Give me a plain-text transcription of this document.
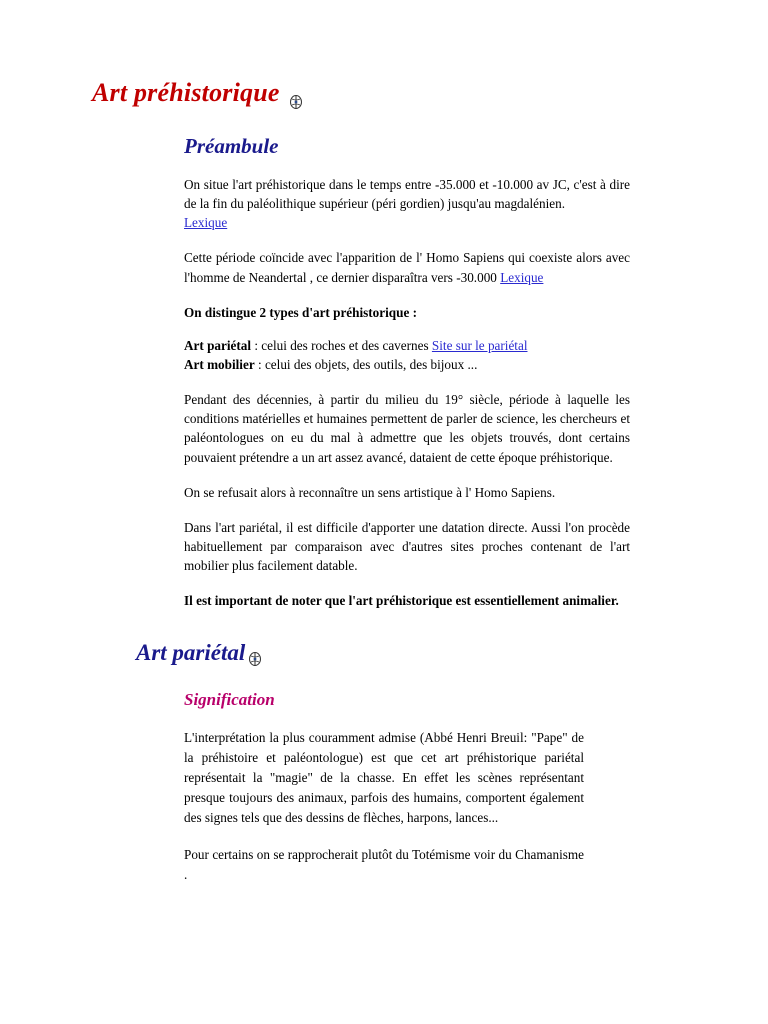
Art préhistorique
Préambule

On situe l'art préhistorique dans le temps entre -35.000 et -10.000 av JC, c'est à dire de la fin du paléolithique supérieur (péri gordien) jusqu'au magdalénien.
Lexique

Cette période coïncide avec l'apparition de l' Homo Sapiens qui coexiste alors avec l'homme de Neandertal , ce dernier disparaîtra vers -30.000 Lexique

On distingue 2 types d'art préhistorique :

Art pariétal : celui des roches et des cavernes Site sur le pariétal
Art mobilier : celui des objets, des outils, des bijoux ...

Pendant des décennies, à partir du milieu du 19° siècle, période à laquelle les conditions matérielles et humaines permettent de parler de science, les chercheurs et paléontologues on eu du mal à admettre que les objets trouvés, dont certains pouvaient prétendre a un art assez avancé, dataient de cette époque préhistorique.

On se refusait alors à reconnaître un sens artistique à l' Homo Sapiens.

Dans l'art pariétal, il est difficile d'apporter une datation directe. Aussi l'on procède habituellement par comparaison avec d'autres sites proches contenant de l'art mobilier plus facilement datable.

Il est important de noter que l'art préhistorique est essentiellement animalier.

Art pariétal
Signification

L'interprétation la plus couramment admise (Abbé Henri Breuil: "Pape" de la préhistoire et paléontologue) est que cet art préhistorique pariétal représentait la "magie" de la chasse. En effet les scènes représentant presque toujours des animaux, parfois des humains, comportent également des signes tels que des dessins de flèches, harpons, lances...

Pour certains on se rapprocherait plutôt du Totémisme voir du Chamanisme .
